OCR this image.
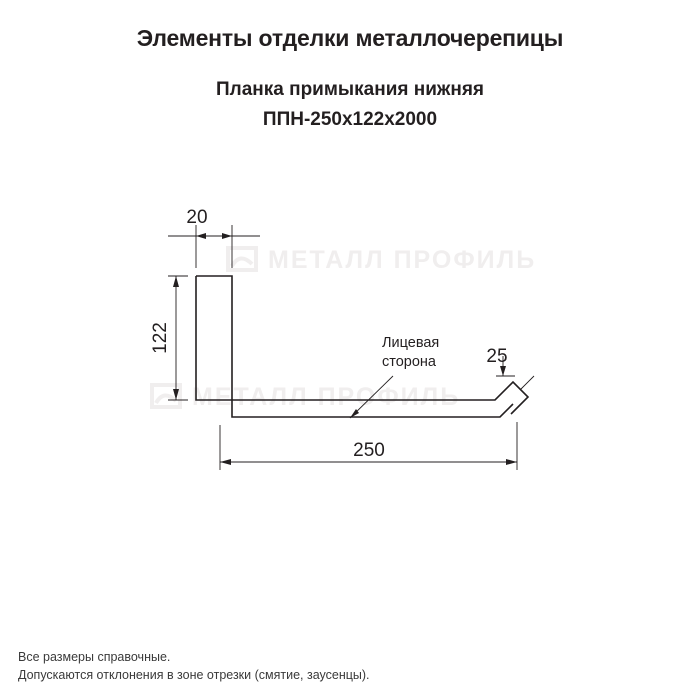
Элементы отделки металлочерепицы
Планка примыкания нижняя
ППН-250х122х2000
МЕТАЛЛ ПРОФИЛЬ
МЕТАЛЛ ПРОФИЛЬ
20
122
25
250
Лицевая
сторона
Все размеры справочные.
Допускаются отклонения в зоне отрезки (смятие, заусенцы).
